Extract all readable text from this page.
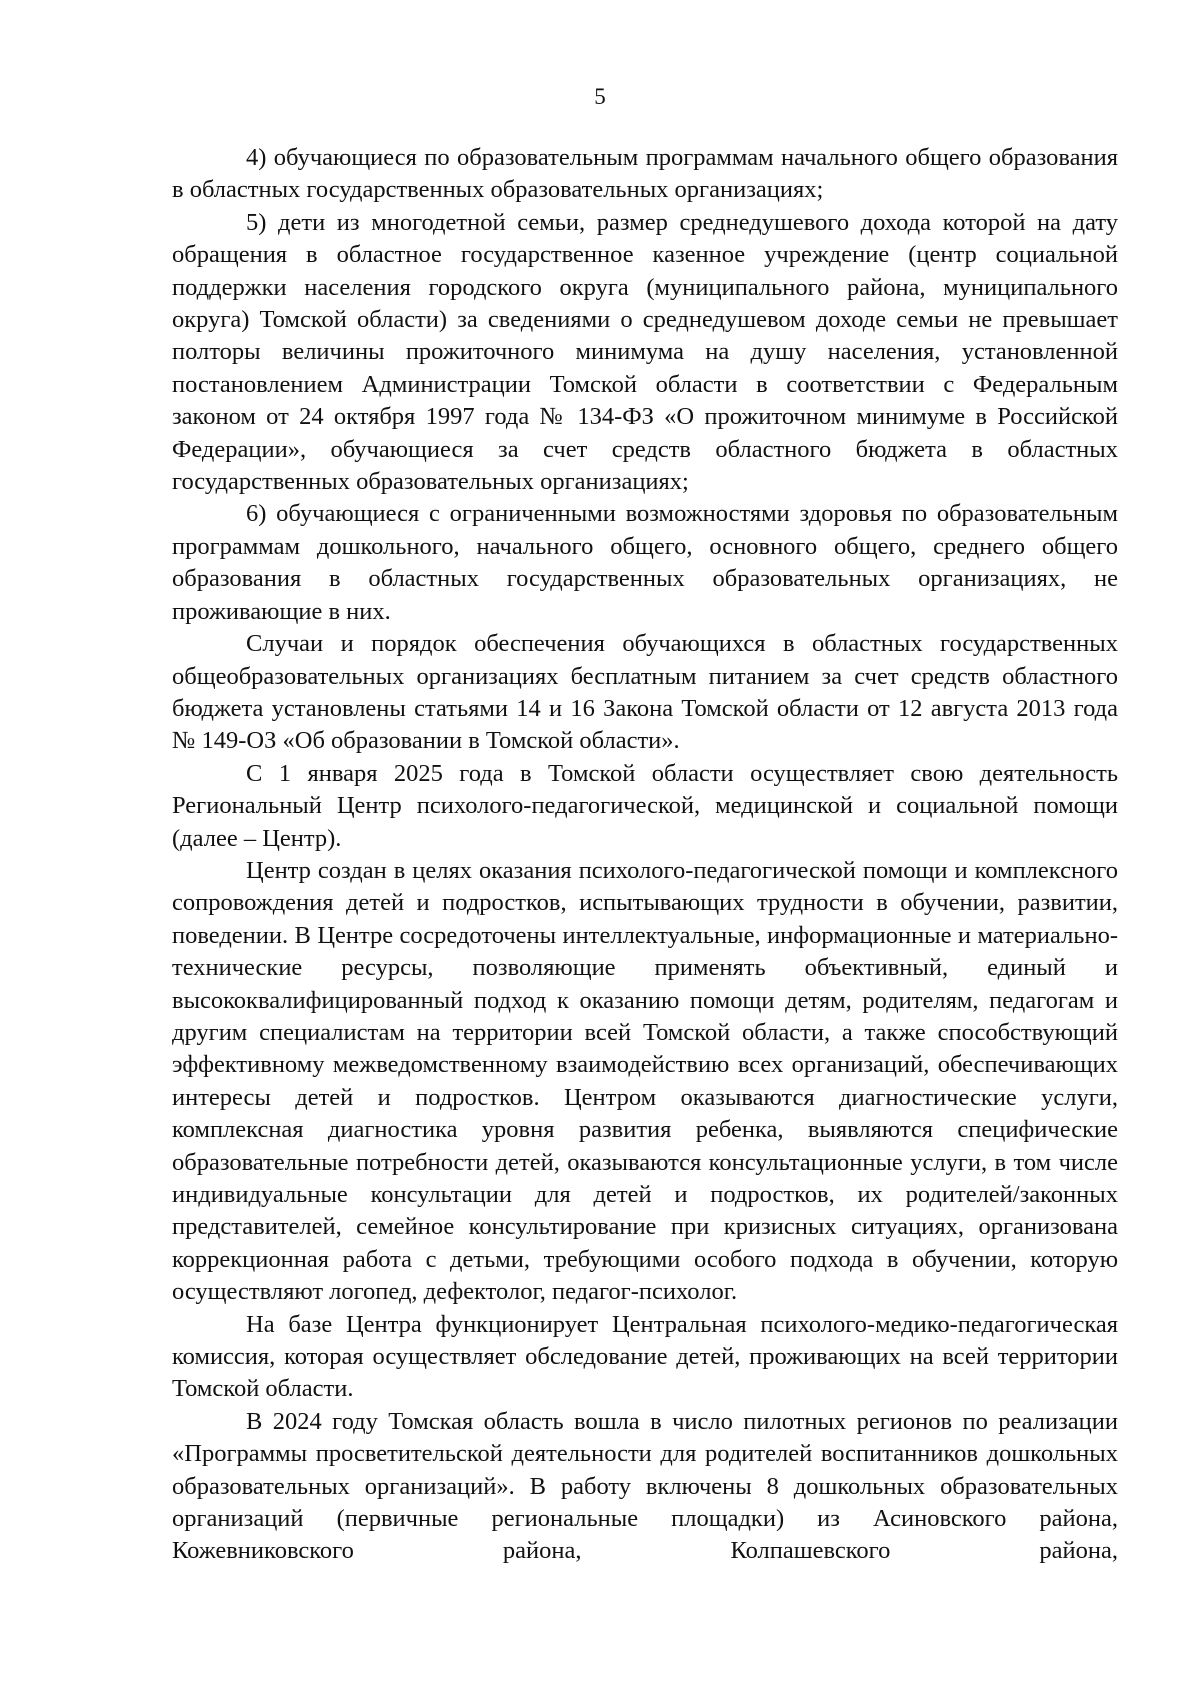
5

4) обучающиеся по образовательным программам начального общего образования в областных государственных образовательных организациях;

5) дети из многодетной семьи, размер среднедушевого дохода которой на дату обращения в областное государственное казенное учреждение (центр социальной поддержки населения городского округа (муниципального района, муниципального округа) Томской области) за сведениями о среднедушевом доходе семьи не превышает полторы величины прожиточного минимума на душу населения, установленной постановлением Администрации Томской области в соответствии с Федеральным законом от 24 октября 1997 года № 134-ФЗ «О прожиточном минимуме в Российской Федерации», обучающиеся за счет средств областного бюджета в областных государственных образовательных организациях;

6) обучающиеся с ограниченными возможностями здоровья по образовательным программам дошкольного, начального общего, основного общего, среднего общего образования в областных государственных образовательных организациях, не проживающие в них.

Случаи и порядок обеспечения обучающихся в областных государственных общеобразовательных организациях бесплатным питанием за счет средств областного бюджета установлены статьями 14 и 16 Закона Томской области от 12 августа 2013 года № 149-ОЗ «Об образовании в Томской области».

С 1 января 2025 года в Томской области осуществляет свою деятельность Региональный Центр психолого-педагогической, медицинской и социальной помощи (далее – Центр).

Центр создан в целях оказания психолого-педагогической помощи и комплексного сопровождения детей и подростков, испытывающих трудности в обучении, развитии, поведении. В Центре сосредоточены интеллектуальные, информационные и материально-технические ресурсы, позволяющие применять объективный, единый и высококвалифицированный подход к оказанию помощи детям, родителям, педагогам и другим специалистам на территории всей Томской области, а также способствующий эффективному межведомственному взаимодействию всех организаций, обеспечивающих интересы детей и подростков. Центром оказываются диагностические услуги, комплексная диагностика уровня развития ребенка, выявляются специфические образовательные потребности детей, оказываются консультационные услуги, в том числе индивидуальные консультации для детей и подростков, их родителей/законных представителей, семейное консультирование при кризисных ситуациях, организована коррекционная работа с детьми, требующими особого подхода в обучении, которую осуществляют логопед, дефектолог, педагог-психолог.

На базе Центра функционирует Центральная психолого-медико-педагогическая комиссия, которая осуществляет обследование детей, проживающих на всей территории Томской области.

В 2024 году Томская область вошла в число пилотных регионов по реализации «Программы просветительской деятельности для родителей воспитанников дошкольных образовательных организаций». В работу включены 8 дошкольных образовательных организаций (первичные региональные площадки) из Асиновского района, Кожевниковского района, Колпашевского района,
